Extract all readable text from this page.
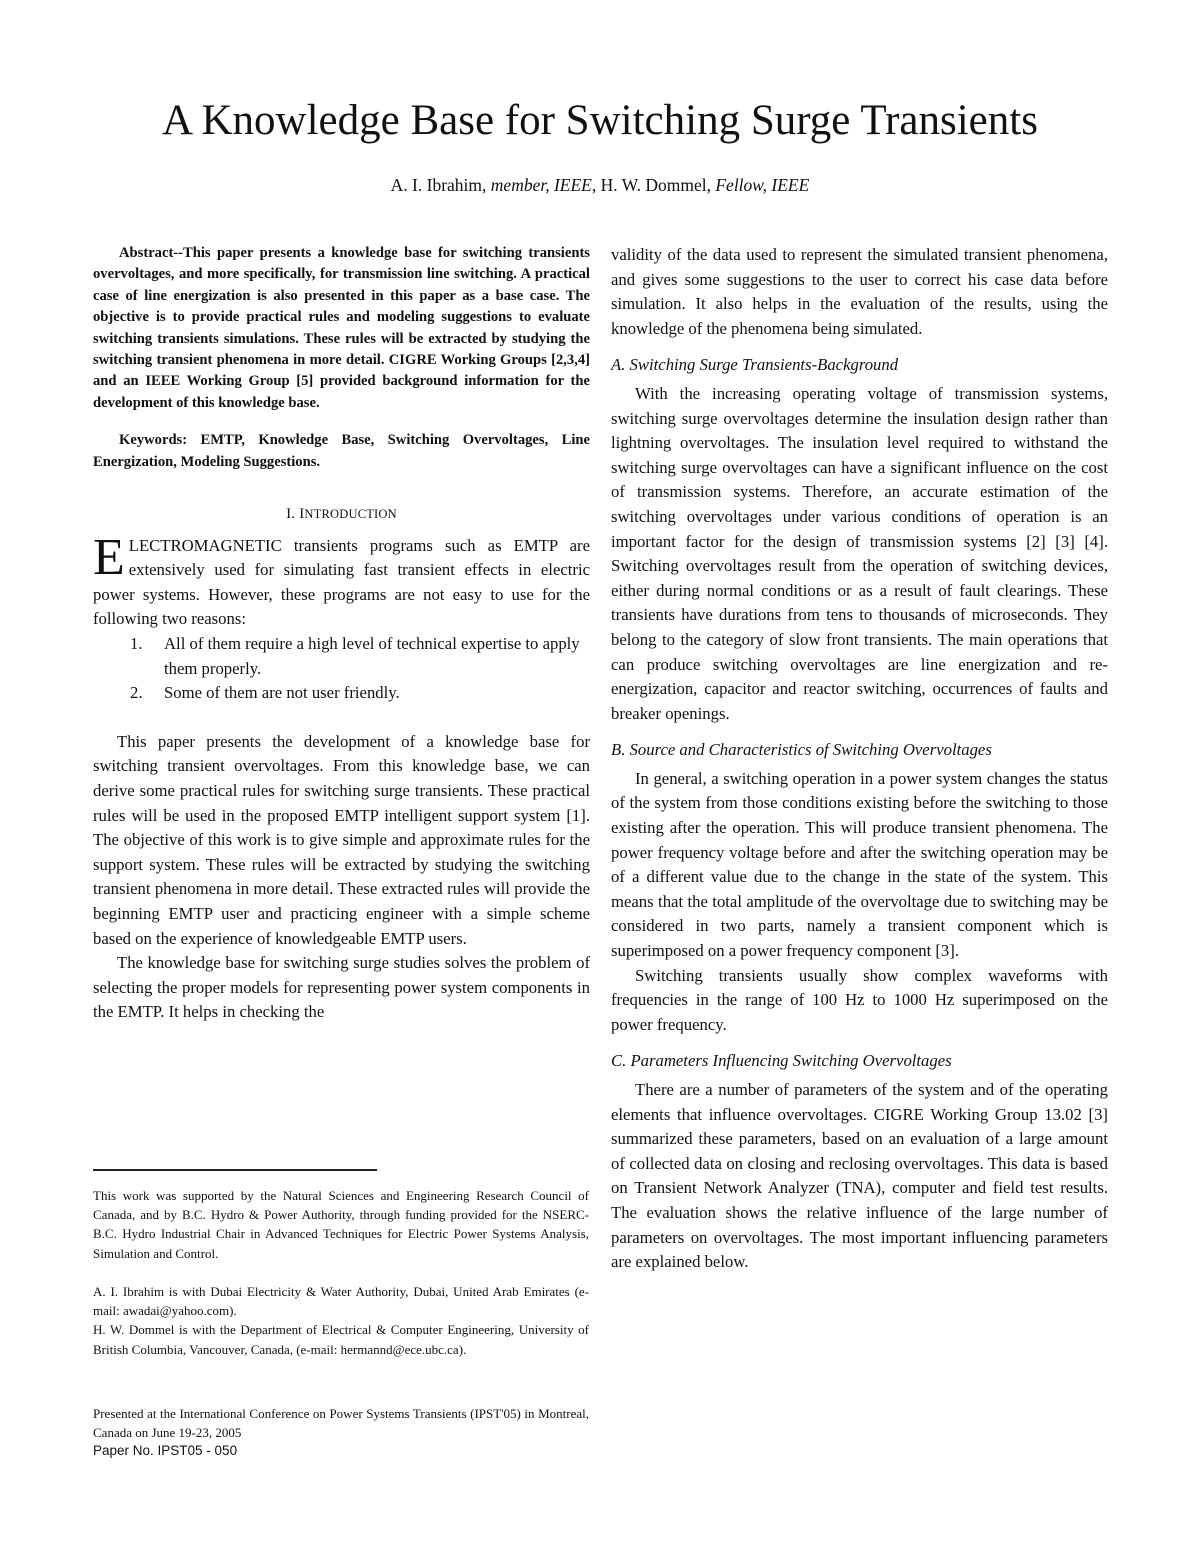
A Knowledge Base for Switching Surge Transients
A. I. Ibrahim, member, IEEE, H. W. Dommel, Fellow, IEEE

Abstract--This paper presents a knowledge base for switching transients overvoltages, and more specifically, for transmission line switching. A practical case of line energization is also presented in this paper as a base case. The objective is to provide practical rules and modeling suggestions to evaluate switching transients simulations. These rules will be extracted by studying the switching transient phenomena in more detail. CIGRE Working Groups [2,3,4] and an IEEE Working Group [5] provided background information for the development of this knowledge base.

Keywords: EMTP, Knowledge Base, Switching Overvoltages, Line Energization, Modeling Suggestions.

I. INTRODUCTION

ELECTROMAGNETIC transients programs such as EMTP are extensively used for simulating fast transient effects in electric power systems. However, these programs are not easy to use for the following two reasons:

1. All of them require a high level of technical expertise to apply them properly.
2. Some of them are not user friendly.

This paper presents the development of a knowledge base for switching transient overvoltages. From this knowledge base, we can derive some practical rules for switching surge transients. These practical rules will be used in the proposed EMTP intelligent support system [1]. The objective of this work is to give simple and approximate rules for the support system. These rules will be extracted by studying the switching transient phenomena in more detail. These extracted rules will provide the beginning EMTP user and practicing engineer with a simple scheme based on the experience of knowledgeable EMTP users.

The knowledge base for switching surge studies solves the problem of selecting the proper models for representing power system components in the EMTP. It helps in checking the

validity of the data used to represent the simulated transient phenomena, and gives some suggestions to the user to correct his case data before simulation. It also helps in the evaluation of the results, using the knowledge of the phenomena being simulated.

A. Switching Surge Transients-Background

With the increasing operating voltage of transmission systems, switching surge overvoltages determine the insulation design rather than lightning overvoltages. The insulation level required to withstand the switching surge overvoltages can have a significant influence on the cost of transmission systems. Therefore, an accurate estimation of the switching overvoltages under various conditions of operation is an important factor for the design of transmission systems [2] [3] [4]. Switching overvoltages result from the operation of switching devices, either during normal conditions or as a result of fault clearings. These transients have durations from tens to thousands of microseconds. They belong to the category of slow front transients. The main operations that can produce switching overvoltages are line energization and re-energization, capacitor and reactor switching, occurrences of faults and breaker openings.

B. Source and Characteristics of Switching Overvoltages

In general, a switching operation in a power system changes the status of the system from those conditions existing before the switching to those existing after the operation. This will produce transient phenomena. The power frequency voltage before and after the switching operation may be of a different value due to the change in the state of the system. This means that the total amplitude of the overvoltage due to switching may be considered in two parts, namely a transient component which is superimposed on a power frequency component [3].

Switching transients usually show complex waveforms with frequencies in the range of 100 Hz to 1000 Hz superimposed on the power frequency.

C. Parameters Influencing Switching Overvoltages

There are a number of parameters of the system and of the operating elements that influence overvoltages. CIGRE Working Group 13.02 [3] summarized these parameters, based on an evaluation of a large amount of collected data on closing and reclosing overvoltages. This data is based on Transient Network Analyzer (TNA), computer and field test results. The evaluation shows the relative influence of the large number of parameters on overvoltages. The most important influencing parameters are explained below.

This work was supported by the Natural Sciences and Engineering Research Council of Canada, and by B.C. Hydro & Power Authority, through funding provided for the NSERC-B.C. Hydro Industrial Chair in Advanced Techniques for Electric Power Systems Analysis, Simulation and Control.

A. I. Ibrahim is with Dubai Electricity & Water Authority, Dubai, United Arab Emirates (e-mail: awadai@yahoo.com).

H. W. Dommel is with the Department of Electrical & Computer Engineering, University of British Columbia, Vancouver, Canada, (e-mail: hermannd@ece.ubc.ca).

Presented at the International Conference on Power Systems Transients (IPST'05) in Montreal, Canada on June 19-23, 2005

Paper No. IPST05 - 050
